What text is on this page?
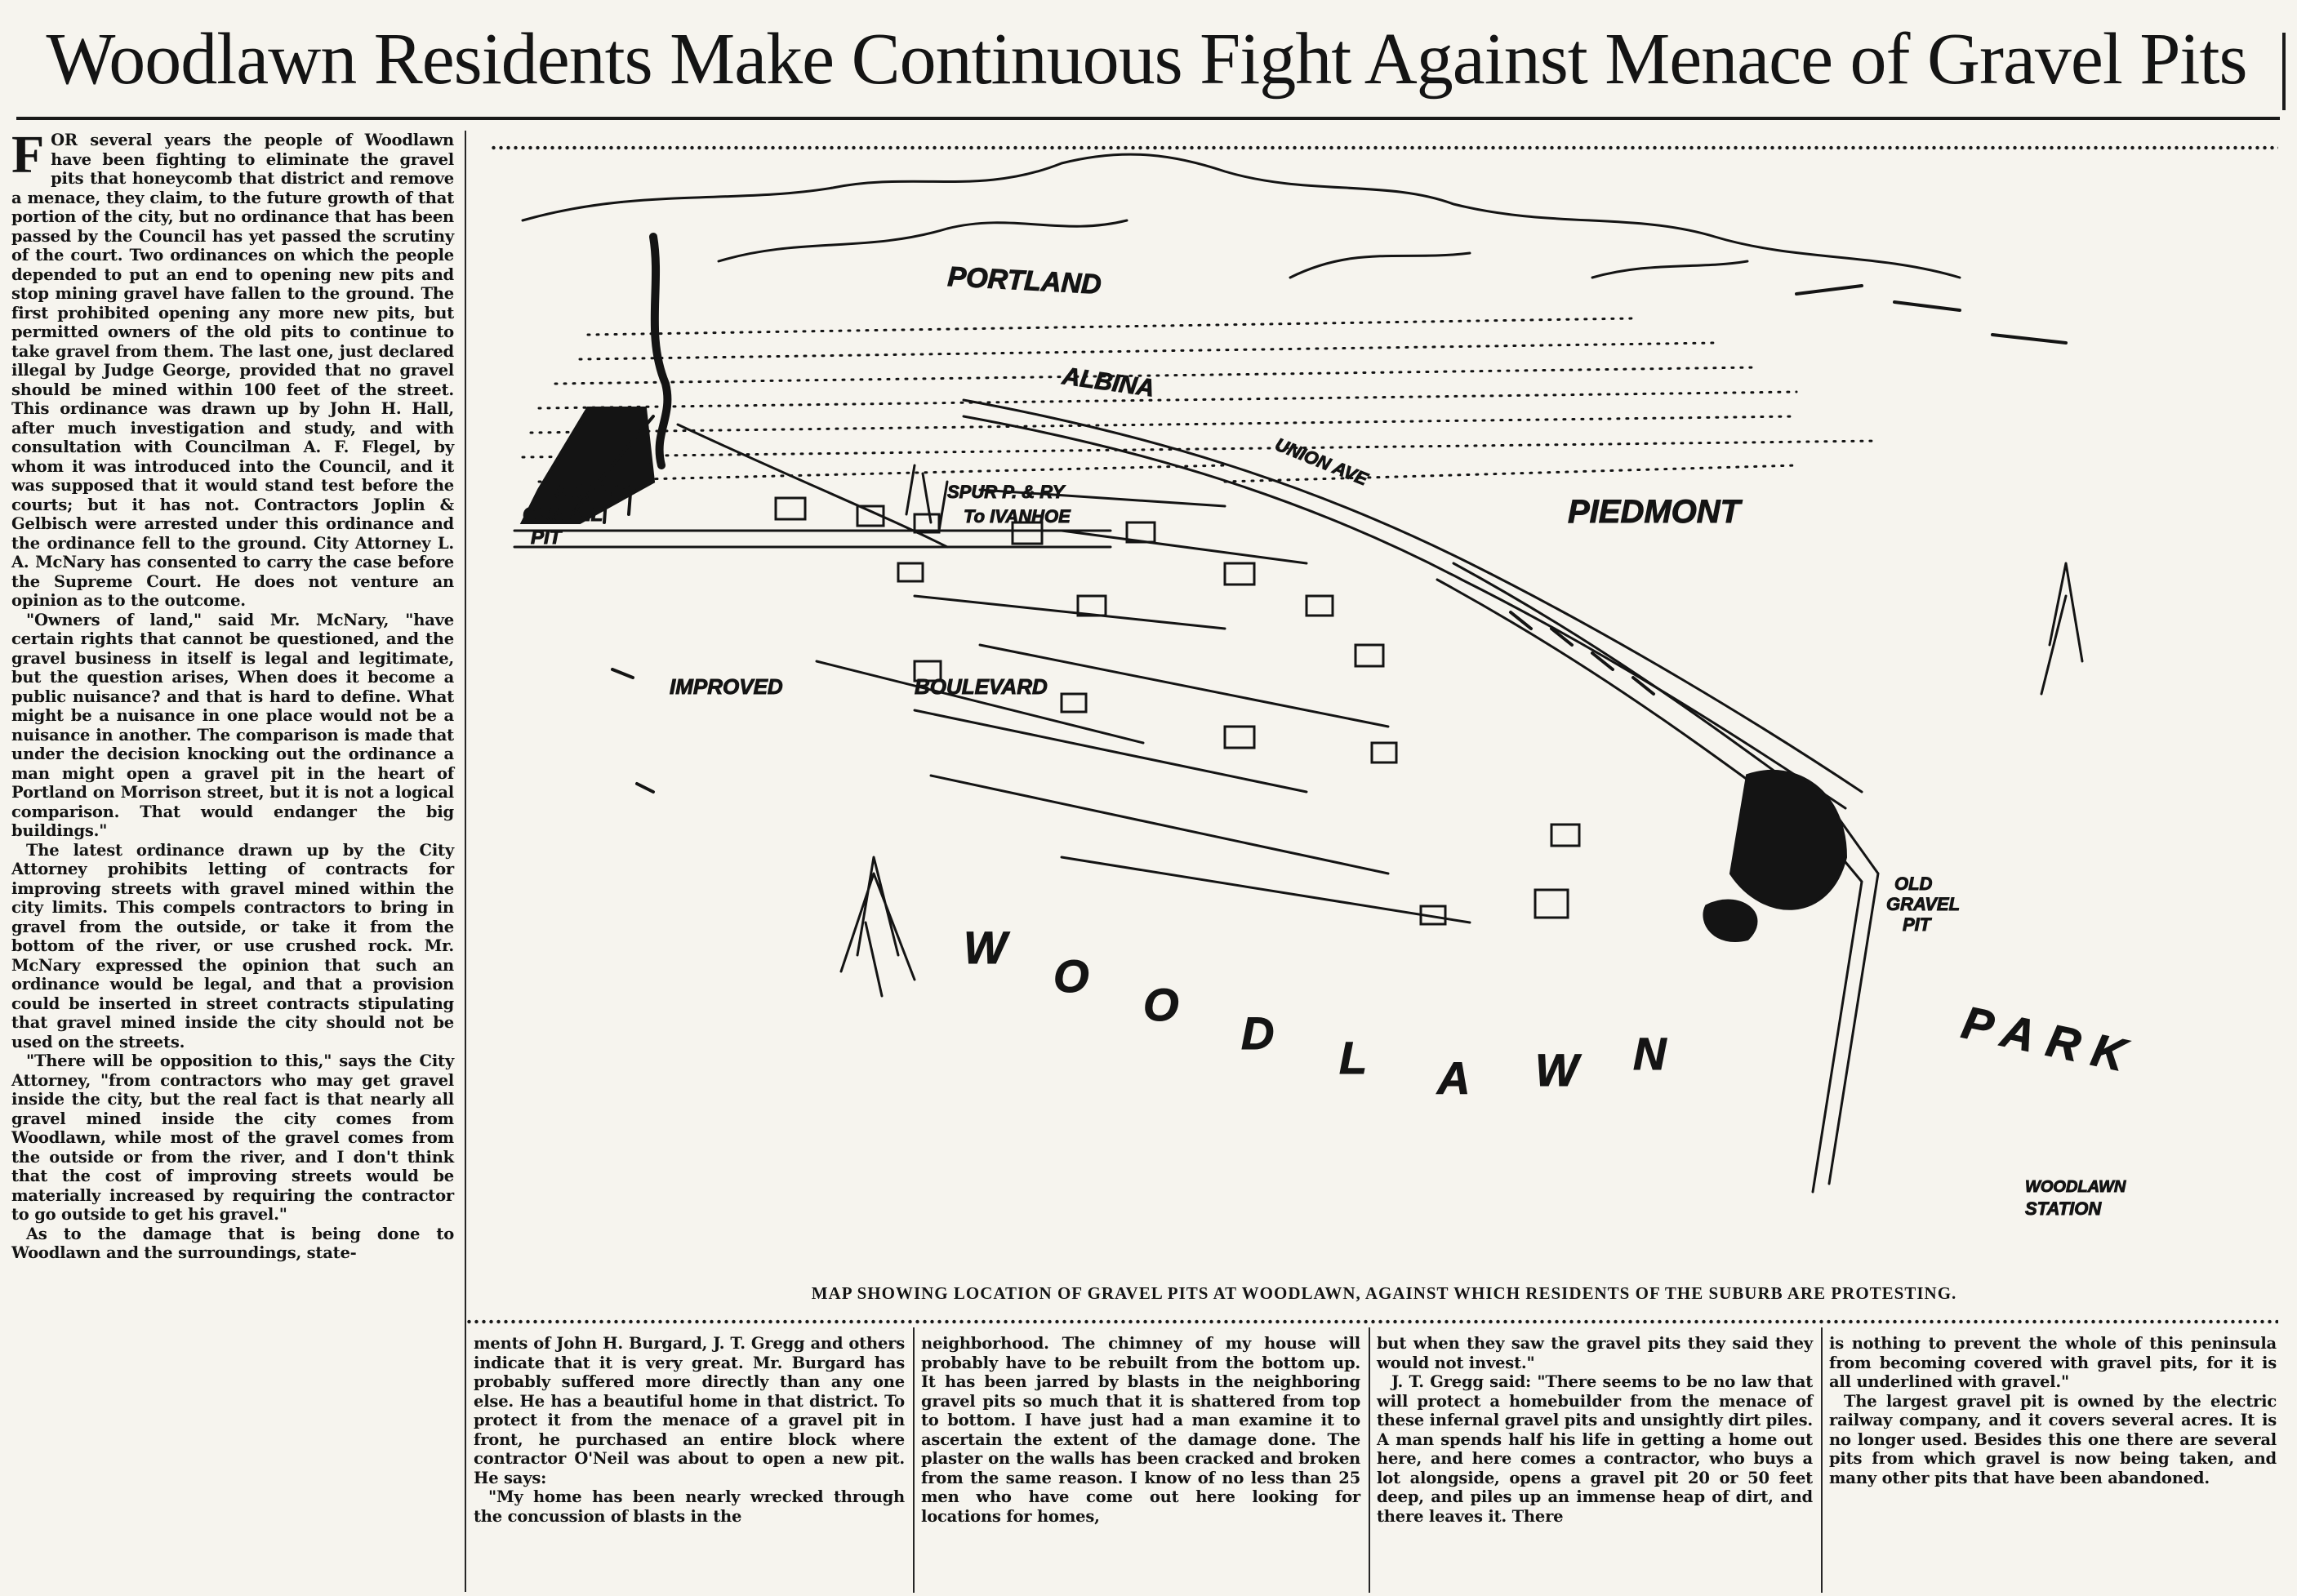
Woodlawn Residents Make Continuous Fight Against Menace of Gravel Pits

FOR several years the people of Woodlawn have been fighting to eliminate the gravel pits that honeycomb that district and remove a menace, they claim, to the future growth of that portion of the city, but no ordinance that has been passed by the Council has yet passed the scrutiny of the court. Two ordinances on which the people depended to put an end to opening new pits and stop mining gravel have fallen to the ground. The first prohibited opening any more new pits, but permitted owners of the old pits to continue to take gravel from them. The last one, just declared illegal by Judge George, provided that no gravel should be mined within 100 feet of the street. This ordinance was drawn up by John H. Hall, after much investigation and study, and with consultation with Councilman A. F. Flegel, by whom it was introduced into the Council, and it was supposed that it would stand test before the courts; but it has not. Contractors Joplin & Gelbisch were arrested under this ordinance and the ordinance fell to the ground. City Attorney L. A. McNary has consented to carry the case before the Supreme Court. He does not venture an opinion as to the outcome.

"Owners of land," said Mr. McNary, "have certain rights that cannot be questioned, and the gravel business in itself is legal and legitimate, but the question arises, When does it become a public nuisance? and that is hard to define. What might be a nuisance in one place would not be a nuisance in another. The comparison is made that under the decision knocking out the ordinance a man might open a gravel pit in the heart of Portland on Morrison street, but it is not a logical comparison. That would endanger the big buildings."

The latest ordinance drawn up by the City Attorney prohibits letting of contracts for improving streets with gravel mined within the city limits. This compels contractors to bring in gravel from the outside, or take it from the bottom of the river, or use crushed rock. Mr. McNary expressed the opinion that such an ordinance would be legal, and that a provision could be inserted in street contracts stipulating that gravel mined inside the city should not be used on the streets.

"There will be opposition to this," says the City Attorney, "from contractors who may get gravel inside the city, but the real fact is that nearly all gravel mined inside the city comes from Woodlawn, while most of the gravel comes from the outside or from the river, and I don't think that the cost of improving streets would be materially increased by requiring the contractor to go outside to get his gravel."

As to the damage that is being done to Woodlawn and the surroundings, state-

PORTLAND
ALBINA
UNION AVE
PIEDMONT
SPUR P. & RY
To IVANHOE
RECENT
GRAVEL
PIT
IMPROVED	BOULEVARD
OLD
GRAVEL
PIT
W
O
O
D L A W N	PARK
WOODLAWN
STATION
MAP SHOWING LOCATION OF GRAVEL PITS AT WOODLAWN, AGAINST WHICH RESIDENTS OF THE SUBURB ARE PROTESTING.

ments of John H. Burgard, J. T. Gregg and others indicate that it is very great. Mr. Burgard has probably suffered more directly than any one else. He has a beautiful home in that district. To protect it from the menace of a gravel pit in front, he purchased an entire block where contractor O'Neil was about to open a new pit. He says:

"My home has been nearly wrecked through the concussion of blasts in the

neighborhood. The chimney of my house will probably have to be rebuilt from the bottom up. It has been jarred by blasts in the neighboring gravel pits so much that it is shattered from top to bottom. I have just had a man examine it to ascertain the extent of the damage done. The plaster on the walls has been cracked and broken from the same reason. I know of no less than 25 men who have come out here looking for locations for homes,

but when they saw the gravel pits they said they would not invest."

J. T. Gregg said: "There seems to be no law that will protect a homebuilder from the menace of these infernal gravel pits and unsightly dirt piles. A man spends half his life in getting a home out here, and here comes a contractor, who buys a lot alongside, opens a gravel pit 20 or 50 feet deep, and piles up an immense heap of dirt, and there leaves it. There

is nothing to prevent the whole of this peninsula from becoming covered with gravel pits, for it is all underlined with gravel."

The largest gravel pit is owned by the electric railway company, and it covers several acres. It is no longer used. Besides this one there are several pits from which gravel is now being taken, and many other pits that have been abandoned.
